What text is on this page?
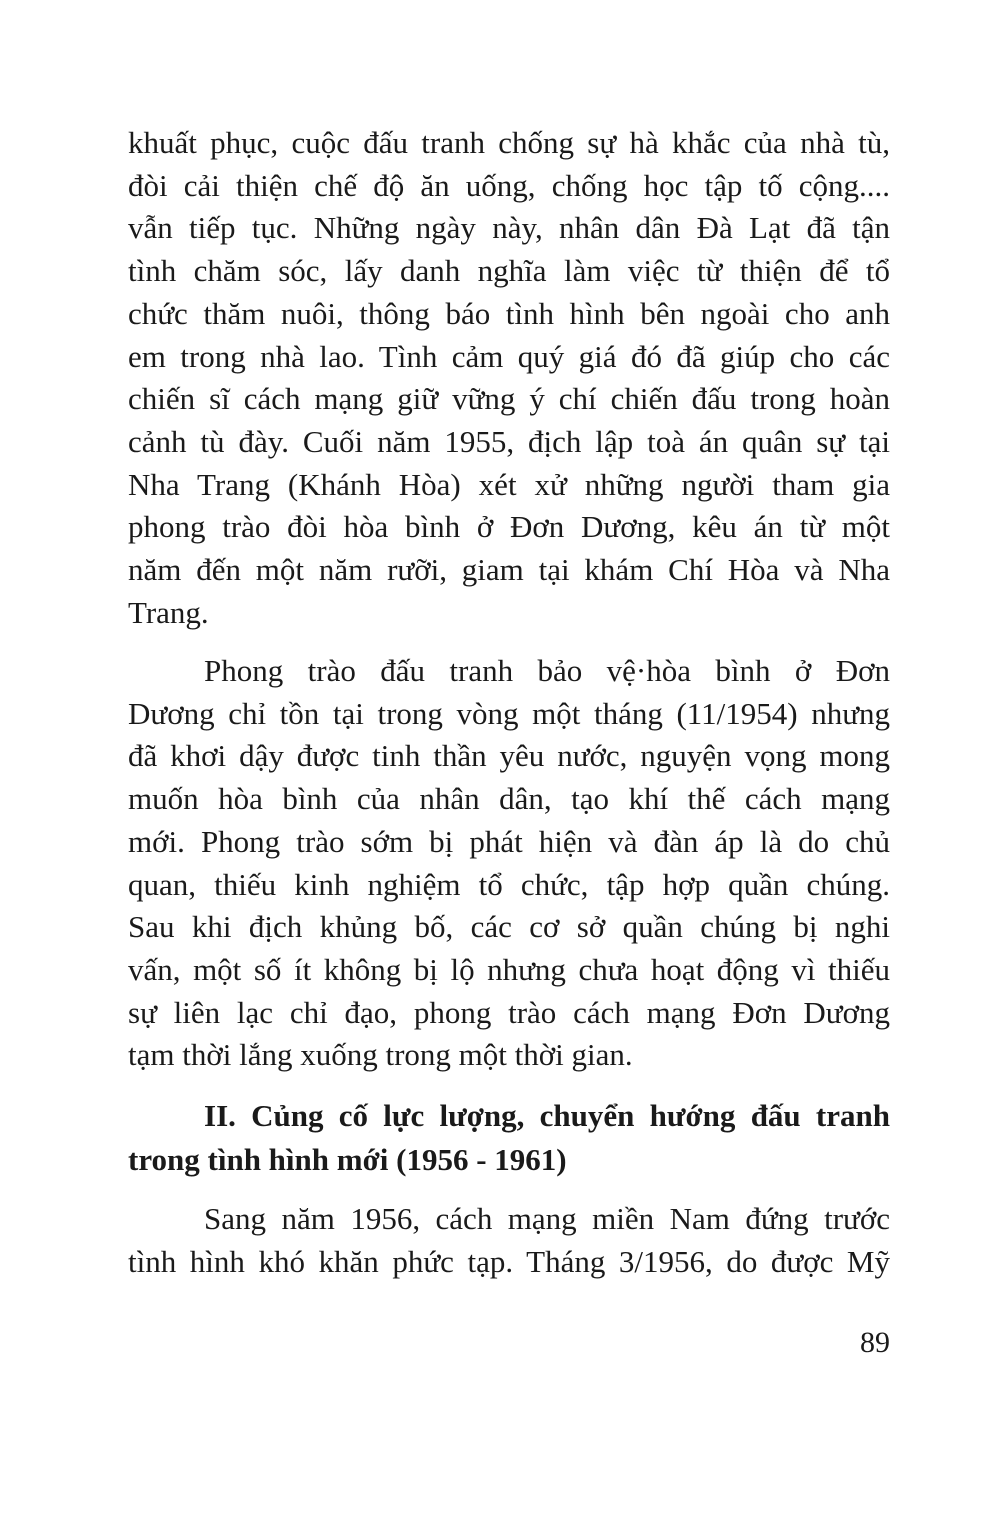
khuất phục, cuộc đấu tranh chống sự hà khắc của nhà tù,
đòi cải thiện chế độ ăn uống, chống học tập tố cộng....
vẫn tiếp tục. Những ngày này, nhân dân Đà Lạt đã tận
tình chăm sóc, lấy danh nghĩa làm việc từ thiện để tổ
chức thăm nuôi, thông báo tình hình bên ngoài cho anh
em trong nhà lao. Tình cảm quý giá đó đã giúp cho các
chiến sĩ cách mạng giữ vững ý chí chiến đấu trong hoàn
cảnh tù đày. Cuối năm 1955, địch lập toà án quân sự tại
Nha Trang (Khánh Hòa) xét xử những người tham gia
phong trào đòi hòa bình ở Đơn Dương, kêu án từ một
năm đến một năm rưỡi, giam tại khám Chí Hòa và Nha
Trang.
Phong trào đấu tranh bảo vệ·hòa bình ở Đơn
Dương chỉ tồn tại trong vòng một tháng (11/1954) nhưng
đã khơi dậy được tinh thần yêu nước, nguyện vọng mong
muốn hòa bình của nhân dân, tạo khí thế cách mạng
mới. Phong trào sớm bị phát hiện và đàn áp là do chủ
quan, thiếu kinh nghiệm tổ chức, tập hợp quần chúng.
Sau khi địch khủng bố, các cơ sở quần chúng bị nghi
vấn, một số ít không bị lộ nhưng chưa hoạt động vì thiếu
sự liên lạc chỉ đạo, phong trào cách mạng Đơn Dương
tạm thời lắng xuống trong một thời gian.
II. Củng cố lực lượng, chuyển hướng đấu tranh
trong tình hình mới (1956 - 1961)
Sang năm 1956, cách mạng miền Nam đứng trước
tình hình khó khăn phức tạp. Tháng 3/1956, do được Mỹ
89
